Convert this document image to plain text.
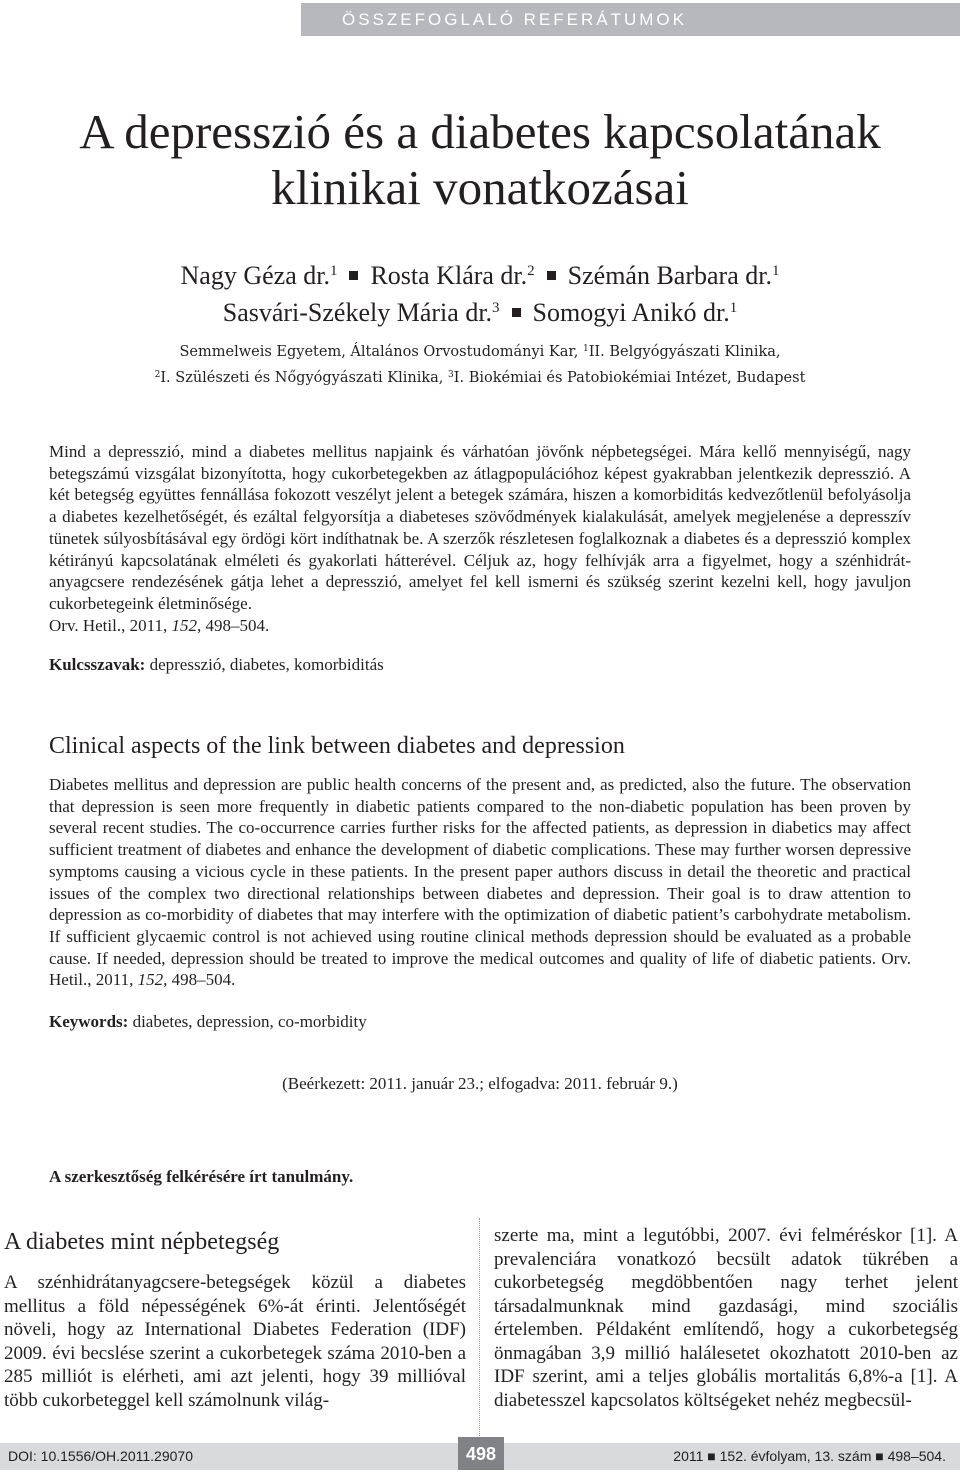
ÖSSZEFOGLALÓ REFERÁTUMOK
A depresszió és a diabetes kapcsolatának
klinikai vonatkozásai
Nagy Géza dr.$^1$ Rosta Klára dr.$^2$ Szémán Barbara dr.$^1$
Sasvári-Székely Mária dr.$^3$ Somogyi Anikó dr.$^1$
Semmelweis Egyetem, Általános Orvostudományi Kar, $^1$II. Belgyógyászati Klinika,
$^2$I. Szülészeti és Nőgyógyászati Klinika, $^3$I. Biokémiai és Patobiokémiai Intézet, Budapest

Mind a depresszió, mind a diabetes mellitus napjaink és várhatóan jövőnk népbetegségei. Mára kellő mennyiségű, nagy betegszámú vizsgálat bizonyította, hogy cukorbetegekben az átlagpopulációhoz képest gyakrabban jelentkezik depresszió. A két betegség együttes fennállása fokozott veszélyt jelent a betegek számára, hiszen a komorbiditás kedvezőtlenül befolyásolja a diabetes kezelhetőségét, és ezáltal felgyorsítja a diabeteses szövődmények kialakulását, amelyek megjelenése a depresszív tünetek súlyosbításával egy ördögi kört indíthatnak be. A szerzők részletesen foglalkoznak a diabetes és a depresszió komplex kétirányú kapcsolatának elméleti és gyakorlati hátterével. Céljuk az, hogy felhívják arra a figyelmet, hogy a szénhidrát-anyagcsere rendezésének gátja lehet a depresszió, amelyet fel kell ismerni és szükség szerint kezelni kell, hogy javuljon cukorbetegeink életminősége.
Orv. Hetil., 2011, 152, 498–504.

Kulcsszavak: depresszió, diabetes, komorbiditás
Clinical aspects of the link between diabetes and depression

Diabetes mellitus and depression are public health concerns of the present and, as predicted, also the future. The observation that depression is seen more frequently in diabetic patients compared to the non-diabetic population has been proven by several recent studies. The co-occurrence carries further risks for the affected patients, as depression in diabetics may affect sufficient treatment of diabetes and enhance the development of diabetic complications. These may further worsen depressive symptoms causing a vicious cycle in these patients. In the present paper authors discuss in detail the theoretic and practical issues of the complex two directional relationships between diabetes and depression. Their goal is to draw attention to depression as co-morbidity of diabetes that may interfere with the optimization of diabetic patient’s carbohydrate metabolism. If sufficient glycaemic control is not achieved using routine clinical methods depression should be evaluated as a probable cause. If needed, depression should be treated to improve the medical outcomes and quality of life of diabetic patients. Orv. Hetil., 2011, 152, 498–504.

Keywords: diabetes, depression, co-morbidity
(Beérkezett: 2011. január 23.; elfogadva: 2011. február 9.)
A szerkesztőség felkérésére írt tanulmány.
A diabetes mint népbetegség

A szénhidrátanyagcsere-betegségek közül a diabetes mellitus a föld népességének 6%-át érinti. Jelentőségét növeli, hogy az International Diabetes Federation (IDF) 2009. évi becslése szerint a cukorbetegek száma 2010-ben a 285 milliót is elérheti, ami azt jelenti, hogy 39 millióval több cukorbeteggel kell számolnunk világ-

szerte ma, mint a legutóbbi, 2007. évi felméréskor [1]. A prevalenciára vonatkozó becsült adatok tükrében a cukorbetegség megdöbbentően nagy terhet jelent társadalmunknak mind gazdasági, mind szociális értelemben. Példaként említendő, hogy a cukorbetegség önmagában 3,9 millió halálesetet okozhatott 2010-ben az IDF szerint, ami a teljes globális mortalitás 6,8%-a [1]. A diabetesszel kapcsolatos költségeket nehéz megbecsül-

DOI: 10.1556/OH.2011.29070	2011 ■ 152. évfolyam, 13. szám ■ 498–504.
498
